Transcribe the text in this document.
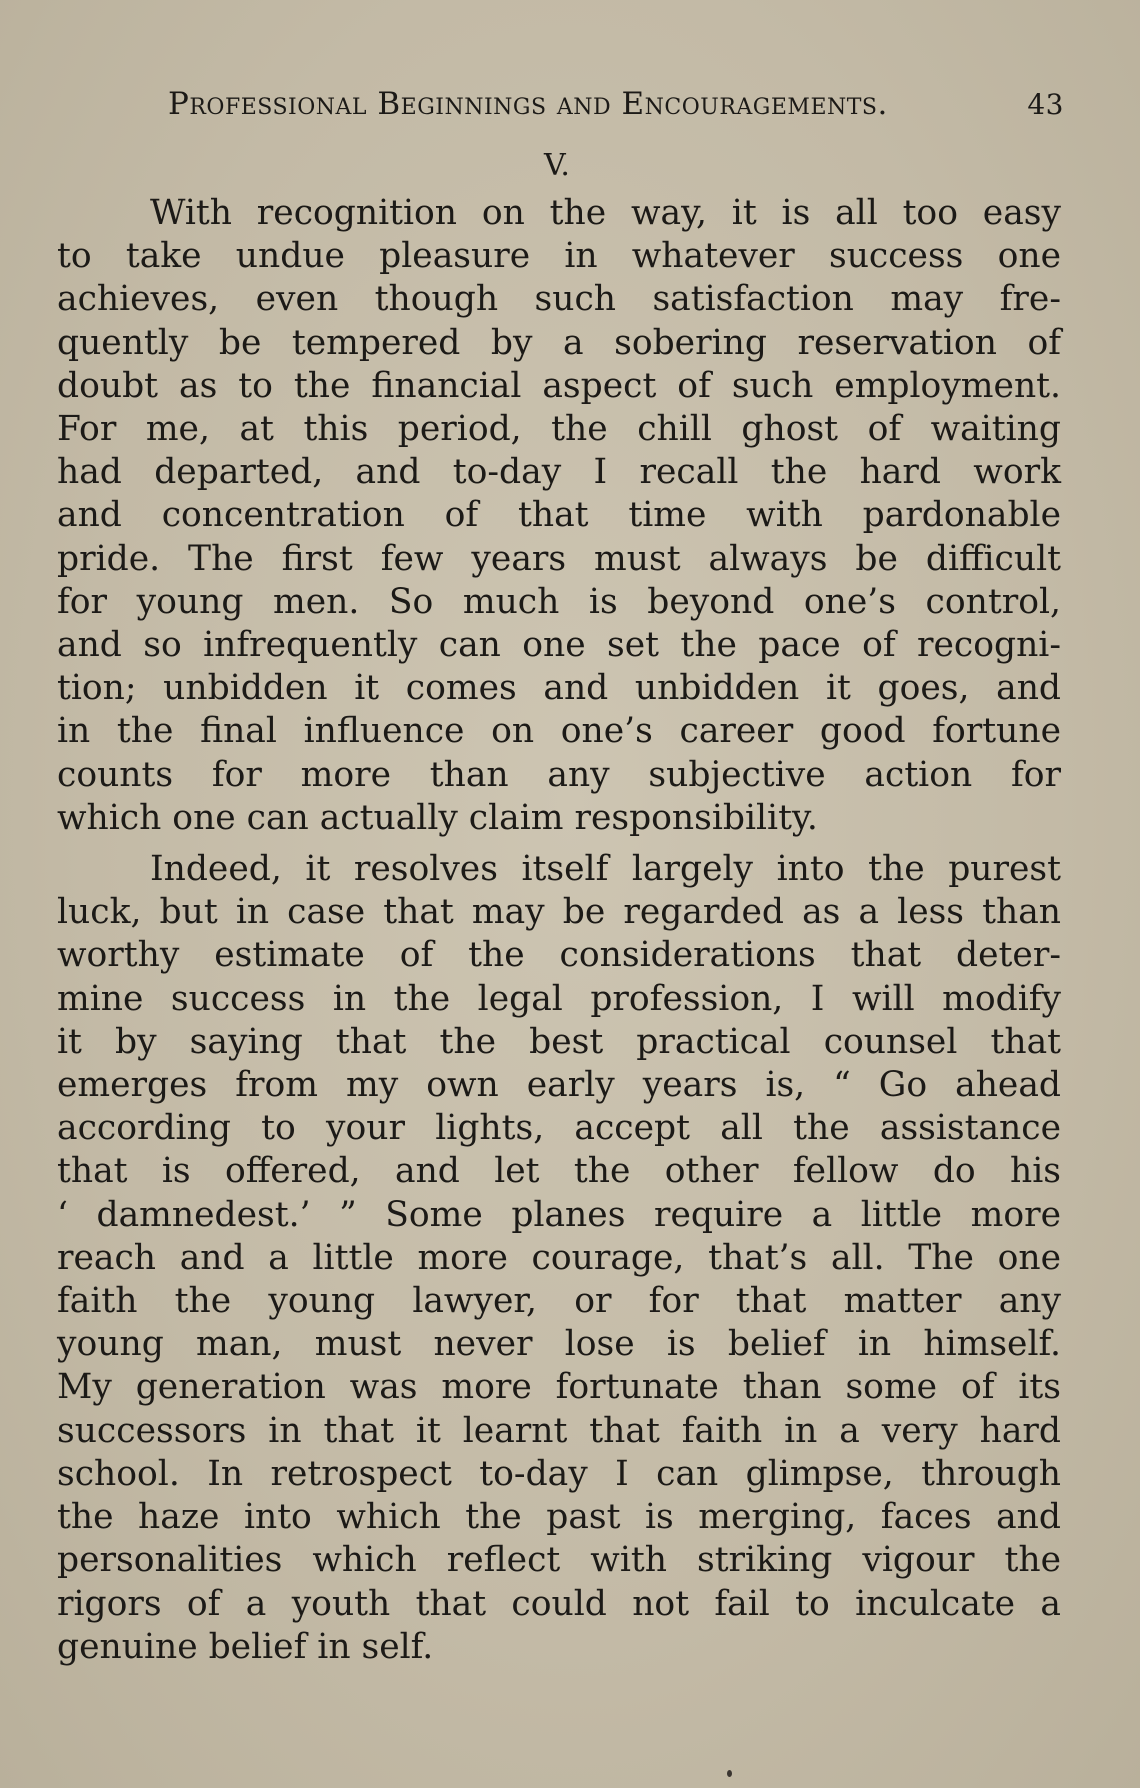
Professional Beginnings and Encouragements.	43
V.

With recognition on the way, it is all too easy

to take undue pleasure in whatever success one

achieves, even though such satisfaction may fre-

quently be tempered by a sobering reservation of

doubt as to the financial aspect of such employment.

For me, at this period, the chill ghost of waiting

had departed, and to-day I recall the hard work

and concentration of that time with pardonable

pride. The first few years must always be difficult

for young men. So much is beyond one’s control,

and so infrequently can one set the pace of recogni-

tion; unbidden it comes and unbidden it goes, and

in the final influence on one’s career good fortune

counts for more than any subjective action for

which one can actually claim responsibility.

Indeed, it resolves itself largely into the purest

luck, but in case that may be regarded as a less than

worthy estimate of the considerations that deter-

mine success in the legal profession, I will modify

it by saying that the best practical counsel that

emerges from my own early years is, “ Go ahead

according to your lights, accept all the assistance

that is offered, and let the other fellow do his

‘ damnedest.’ ” Some planes require a little more

reach and a little more courage, that’s all. The one

faith the young lawyer, or for that matter any

young man, must never lose is belief in himself.

My generation was more fortunate than some of its

successors in that it learnt that faith in a very hard

school. In retrospect to-day I can glimpse, through

the haze into which the past is merging, faces and

personalities which reflect with striking vigour the

rigors of a youth that could not fail to inculcate a

genuine belief in self.
